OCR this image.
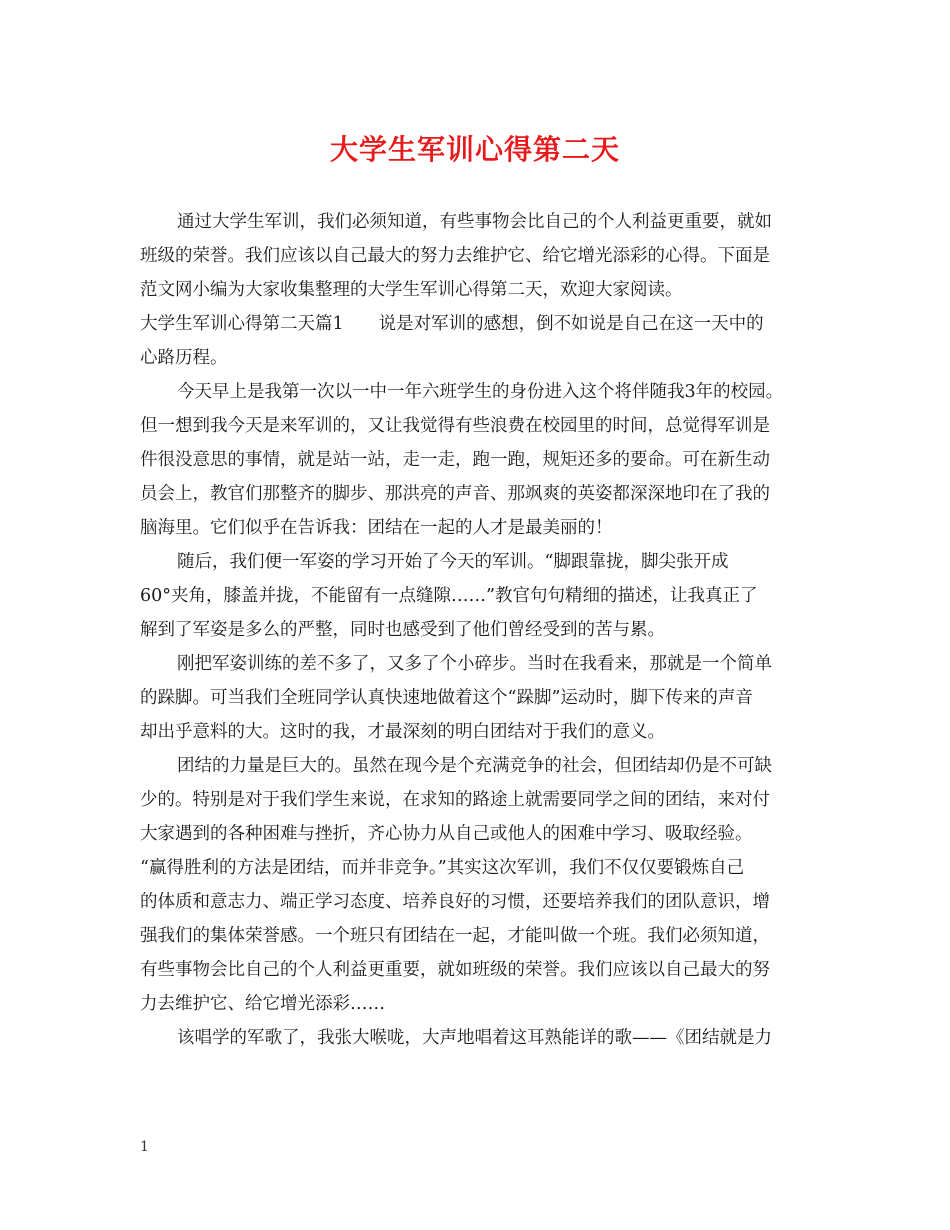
大学生军训心得第二天
通过大学生军训，我们必须知道，有些事物会比自己的个人利益更重要，就如
班级的荣誉。我们应该以自己最大的努力去维护它、给它增光添彩的心得。下面是
范文网小编为大家收集整理的大学生军训心得第二天，欢迎大家阅读。
大学生军训心得第二天篇1　　说是对军训的感想，倒不如说是自己在这一天中的
心路历程。
今天早上是我第一次以一中一年六班学生的身份进入这个将伴随我3年的校园。
但一想到我今天是来军训的，又让我觉得有些浪费在校园里的时间，总觉得军训是
件很没意思的事情，就是站一站，走一走，跑一跑，规矩还多的要命。可在新生动
员会上，教官们那整齐的脚步、那洪亮的声音、那飒爽的英姿都深深地印在了我的
脑海里。它们似乎在告诉我：团结在一起的人才是最美丽的！
随后，我们便一军姿的学习开始了今天的军训。“脚跟靠拢，脚尖张开成
60°夹角，膝盖并拢，不能留有一点缝隙……”教官句句精细的描述，让我真正了
解到了军姿是多么的严整，同时也感受到了他们曾经受到的苦与累。
刚把军姿训练的差不多了，又多了个小碎步。当时在我看来，那就是一个简单
的跺脚。可当我们全班同学认真快速地做着这个“跺脚”运动时，脚下传来的声音
却出乎意料的大。这时的我，才最深刻的明白团结对于我们的意义。
团结的力量是巨大的。虽然在现今是个充满竞争的社会，但团结却仍是不可缺
少的。特别是对于我们学生来说，在求知的路途上就需要同学之间的团结，来对付
大家遇到的各种困难与挫折，齐心协力从自己或他人的困难中学习、吸取经验。
“赢得胜利的方法是团结，而并非竞争。”其实这次军训，我们不仅仅要锻炼自己
的体质和意志力、端正学习态度、培养良好的习惯，还要培养我们的团队意识，增
强我们的集体荣誉感。一个班只有团结在一起，才能叫做一个班。我们必须知道，
有些事物会比自己的个人利益更重要，就如班级的荣誉。我们应该以自己最大的努
力去维护它、给它增光添彩……
该唱学的军歌了，我张大喉咙，大声地唱着这耳熟能详的歌——《团结就是力
1
